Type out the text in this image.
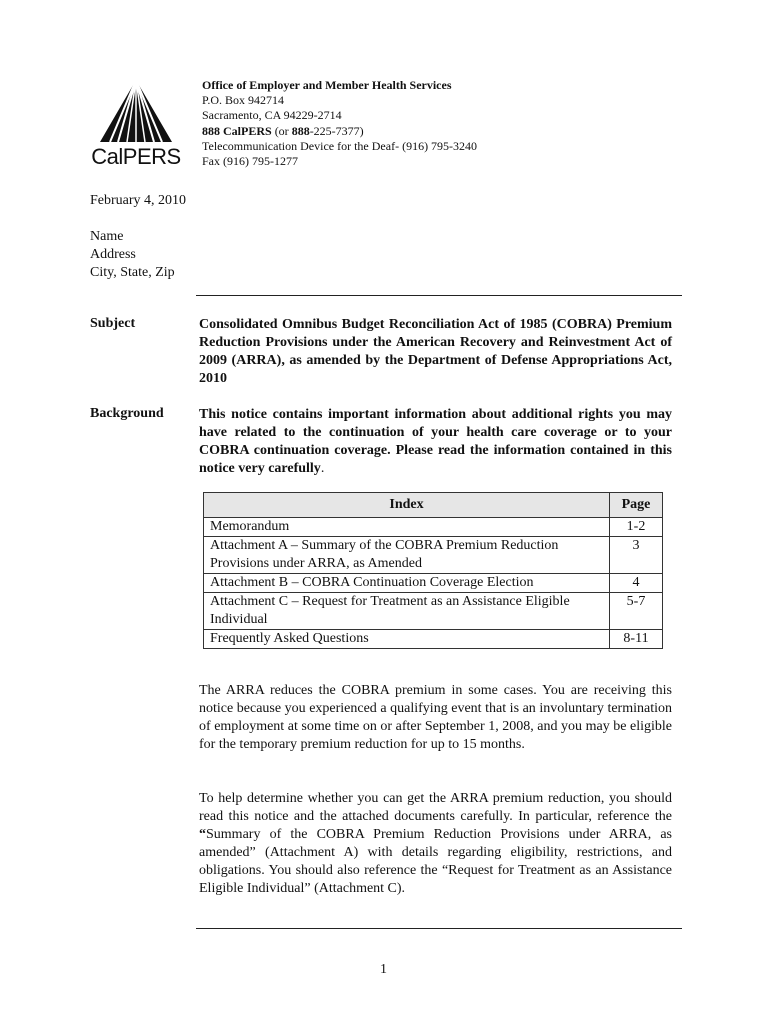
CalPERS
Office of Employer and Member Health Services
P.O. Box 942714
Sacramento, CA 94229-2714
888 CalPERS (or 888-225-7377)
Telecommunication Device for the Deaf- (916) 795-3240
Fax (916) 795-1277
February 4, 2010
Name
Address
City, State, Zip
Subject	Consolidated Omnibus Budget Reconciliation Act of 1985 (COBRA) Premium Reduction Provisions under the American Recovery and Reinvestment Act of 2009 (ARRA), as amended by the Department of Defense Appropriations Act, 2010
Background	This notice contains important information about additional rights you may have related to the continuation of your health care coverage or to your COBRA continuation coverage. Please read the information contained in this notice very carefully.
Index	Page
Memorandum	1-2
Attachment A – Summary of the COBRA Premium Reduction Provisions under ARRA, as Amended	3
Attachment B – COBRA Continuation Coverage Election	4
Attachment C – Request for Treatment as an Assistance Eligible Individual	5-7
Frequently Asked Questions	8-11
The ARRA reduces the COBRA premium in some cases. You are receiving this notice because you experienced a qualifying event that is an involuntary termination of employment at some time on or after September 1, 2008, and you may be eligible for the temporary premium reduction for up to 15 months.
To help determine whether you can get the ARRA premium reduction, you should read this notice and the attached documents carefully. In particular, reference the “Summary of the COBRA Premium Reduction Provisions under ARRA, as amended” (Attachment A) with details regarding eligibility, restrictions, and obligations. You should also reference the “Request for Treatment as an Assistance Eligible Individual” (Attachment C).
1
